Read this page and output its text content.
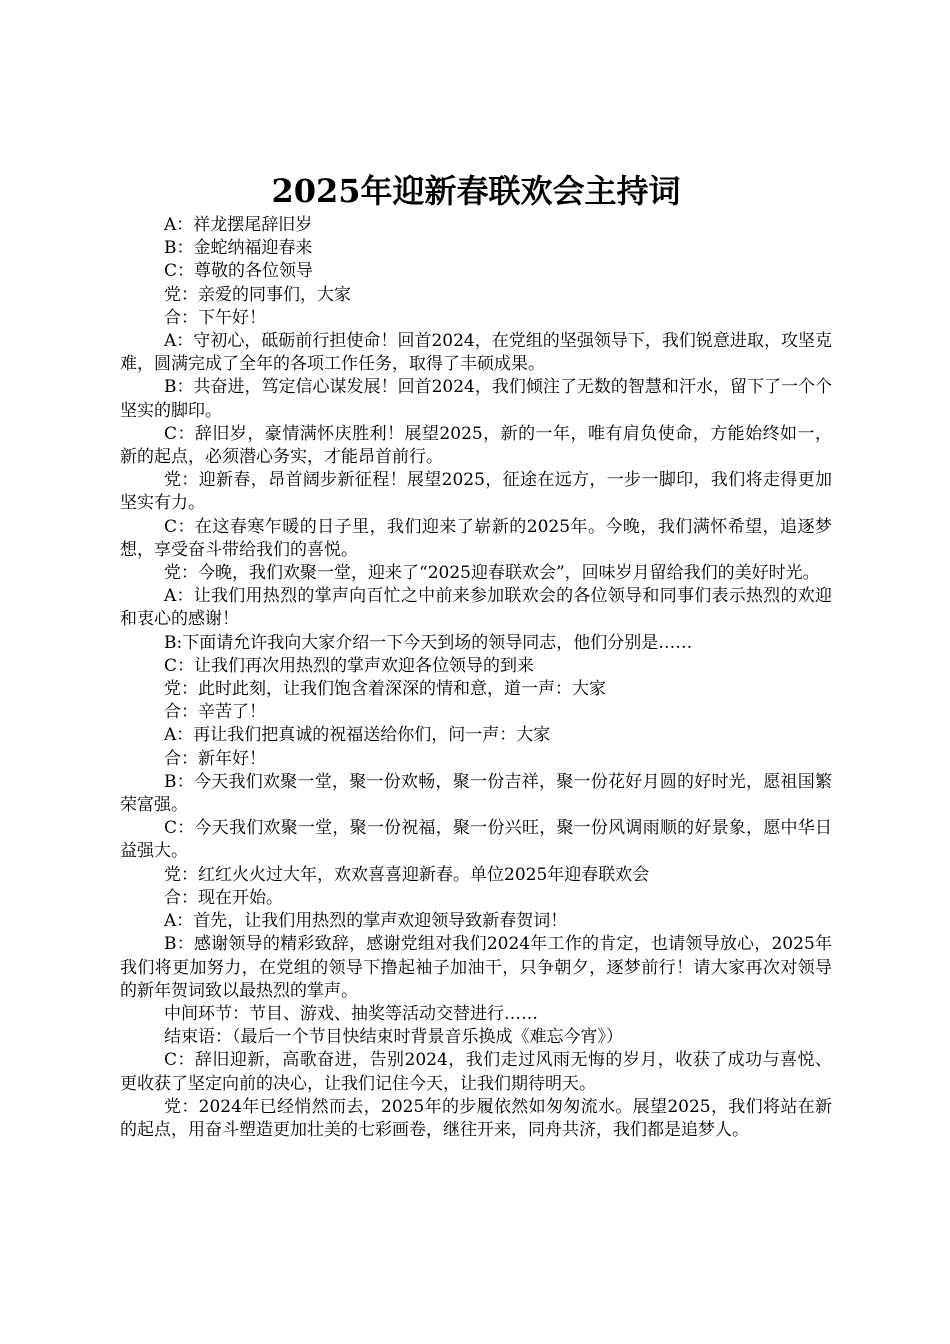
2025年迎新春联欢会主持词

A：祥龙摆尾辞旧岁

B：金蛇纳福迎春来

C：尊敬的各位领导

党：亲爱的同事们，大家

合：下午好！

A：守初心，砥砺前行担使命！回首2024，在党组的坚强领导下，我们锐意进取，攻坚克难，圆满完成了全年的各项工作任务，取得了丰硕成果。

B：共奋进，笃定信心谋发展！回首2024，我们倾注了无数的智慧和汗水，留下了一个个坚实的脚印。

C：辞旧岁，豪情满怀庆胜利！展望2025，新的一年，唯有肩负使命，方能始终如一，新的起点，必须潜心务实，才能昂首前行。

党：迎新春，昂首阔步新征程！展望2025，征途在远方，一步一脚印，我们将走得更加坚实有力。

C：在这春寒乍暖的日子里，我们迎来了崭新的2025年。今晚，我们满怀希望，追逐梦想，享受奋斗带给我们的喜悦。

党：今晚，我们欢聚一堂，迎来了“2025迎春联欢会”，回味岁月留给我们的美好时光。

A：让我们用热烈的掌声向百忙之中前来参加联欢会的各位领导和同事们表示热烈的欢迎和衷心的感谢！

B:下面请允许我向大家介绍一下今天到场的领导同志，他们分别是……

C：让我们再次用热烈的掌声欢迎各位领导的到来

党：此时此刻，让我们饱含着深深的情和意，道一声：大家

合：辛苦了！

A：再让我们把真诚的祝福送给你们，问一声：大家

合：新年好！

B：今天我们欢聚一堂，聚一份欢畅，聚一份吉祥，聚一份花好月圆的好时光，愿祖国繁荣富强。

C：今天我们欢聚一堂，聚一份祝福，聚一份兴旺，聚一份风调雨顺的好景象，愿中华日益强大。

党：红红火火过大年，欢欢喜喜迎新春。单位2025年迎春联欢会

合：现在开始。

A：首先，让我们用热烈的掌声欢迎领导致新春贺词！

B：感谢领导的精彩致辞，感谢党组对我们2024年工作的肯定，也请领导放心，2025年我们将更加努力，在党组的领导下撸起袖子加油干，只争朝夕，逐梦前行！请大家再次对领导的新年贺词致以最热烈的掌声。

中间环节：节目、游戏、抽奖等活动交替进行……

结束语：（最后一个节目快结束时背景音乐换成《难忘今宵》）

C：辞旧迎新，高歌奋进，告别2024，我们走过风雨无悔的岁月，收获了成功与喜悦、更收获了坚定向前的决心，让我们记住今天，让我们期待明天。

党：2024年已经悄然而去，2025年的步履依然如匆匆流水。展望2025，我们将站在新的起点，用奋斗塑造更加壮美的七彩画卷，继往开来，同舟共济，我们都是追梦人。
